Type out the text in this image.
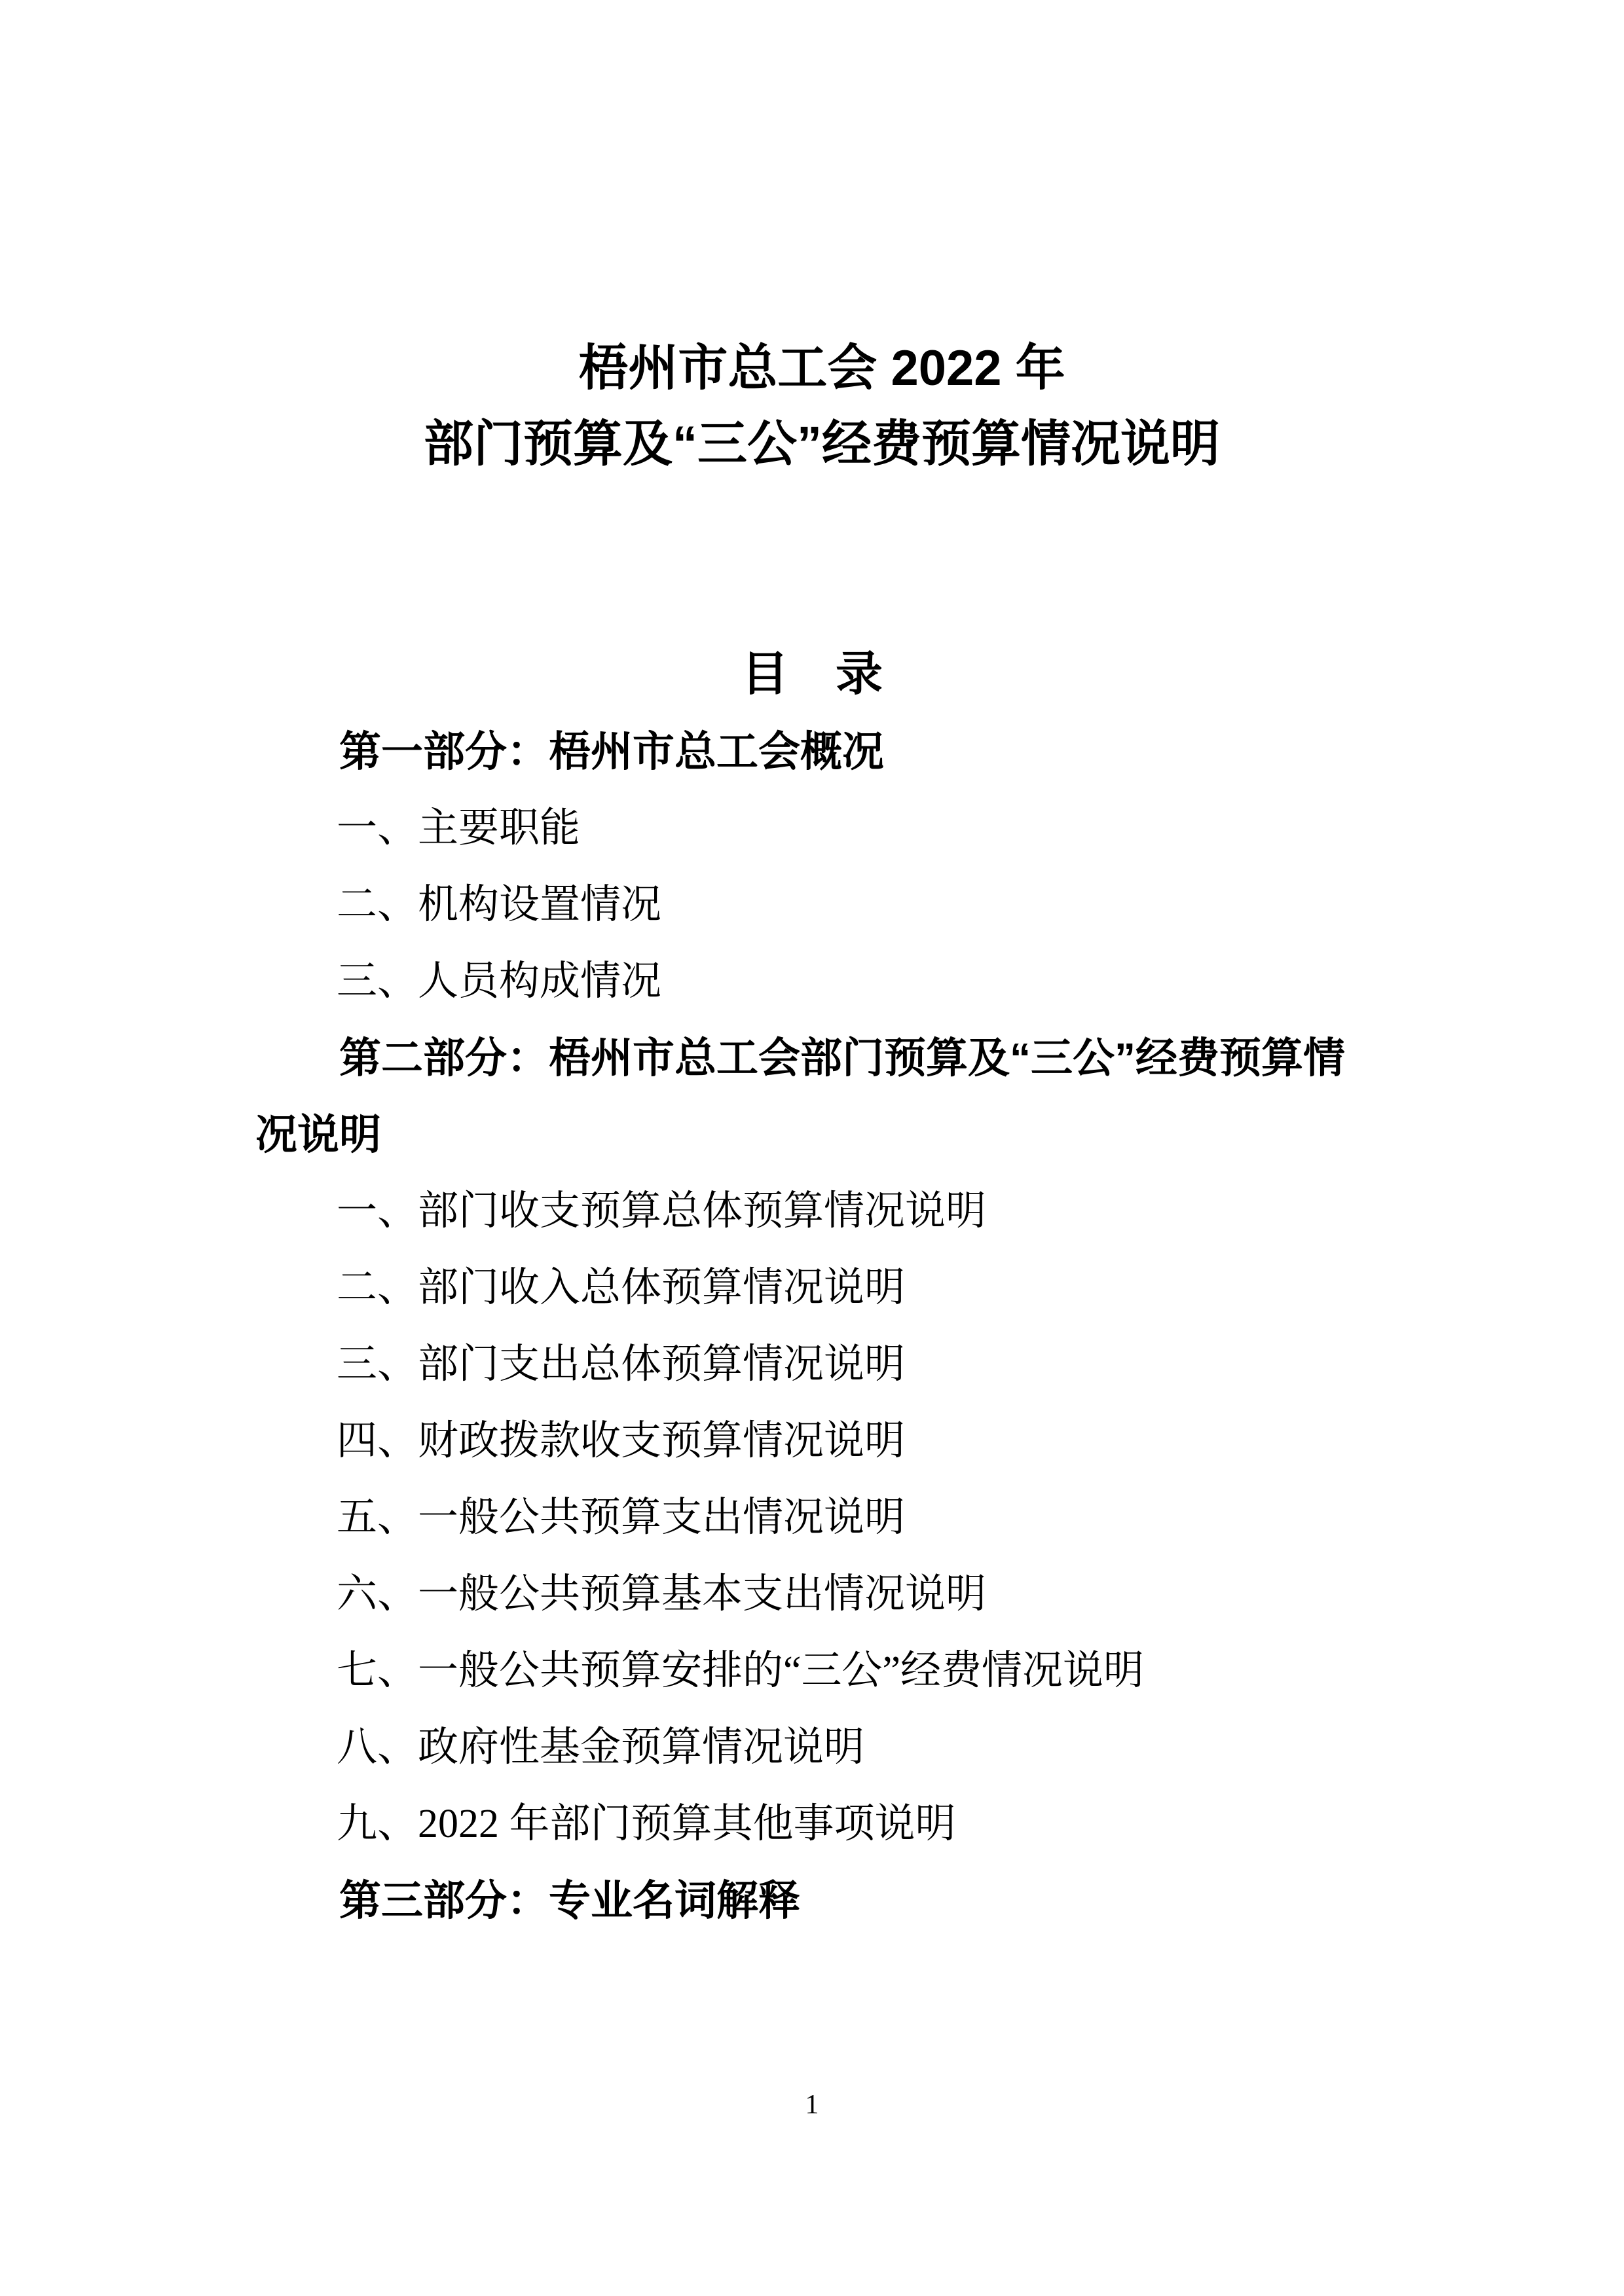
梧州市总工会 2022 年
部门预算及“三公”经费预算情况说明
目　录
第一部分：梧州市总工会概况
一、主要职能
二、机构设置情况
三、人员构成情况
第二部分：梧州市总工会部门预算及“三公”经费预算情
况说明
一、部门收支预算总体预算情况说明
二、部门收入总体预算情况说明
三、部门支出总体预算情况说明
四、财政拨款收支预算情况说明
五、一般公共预算支出情况说明
六、一般公共预算基本支出情况说明
七、一般公共预算安排的“三公”经费情况说明
八、政府性基金预算情况说明
九、2022 年部门预算其他事项说明
第三部分：专业名词解释
1
